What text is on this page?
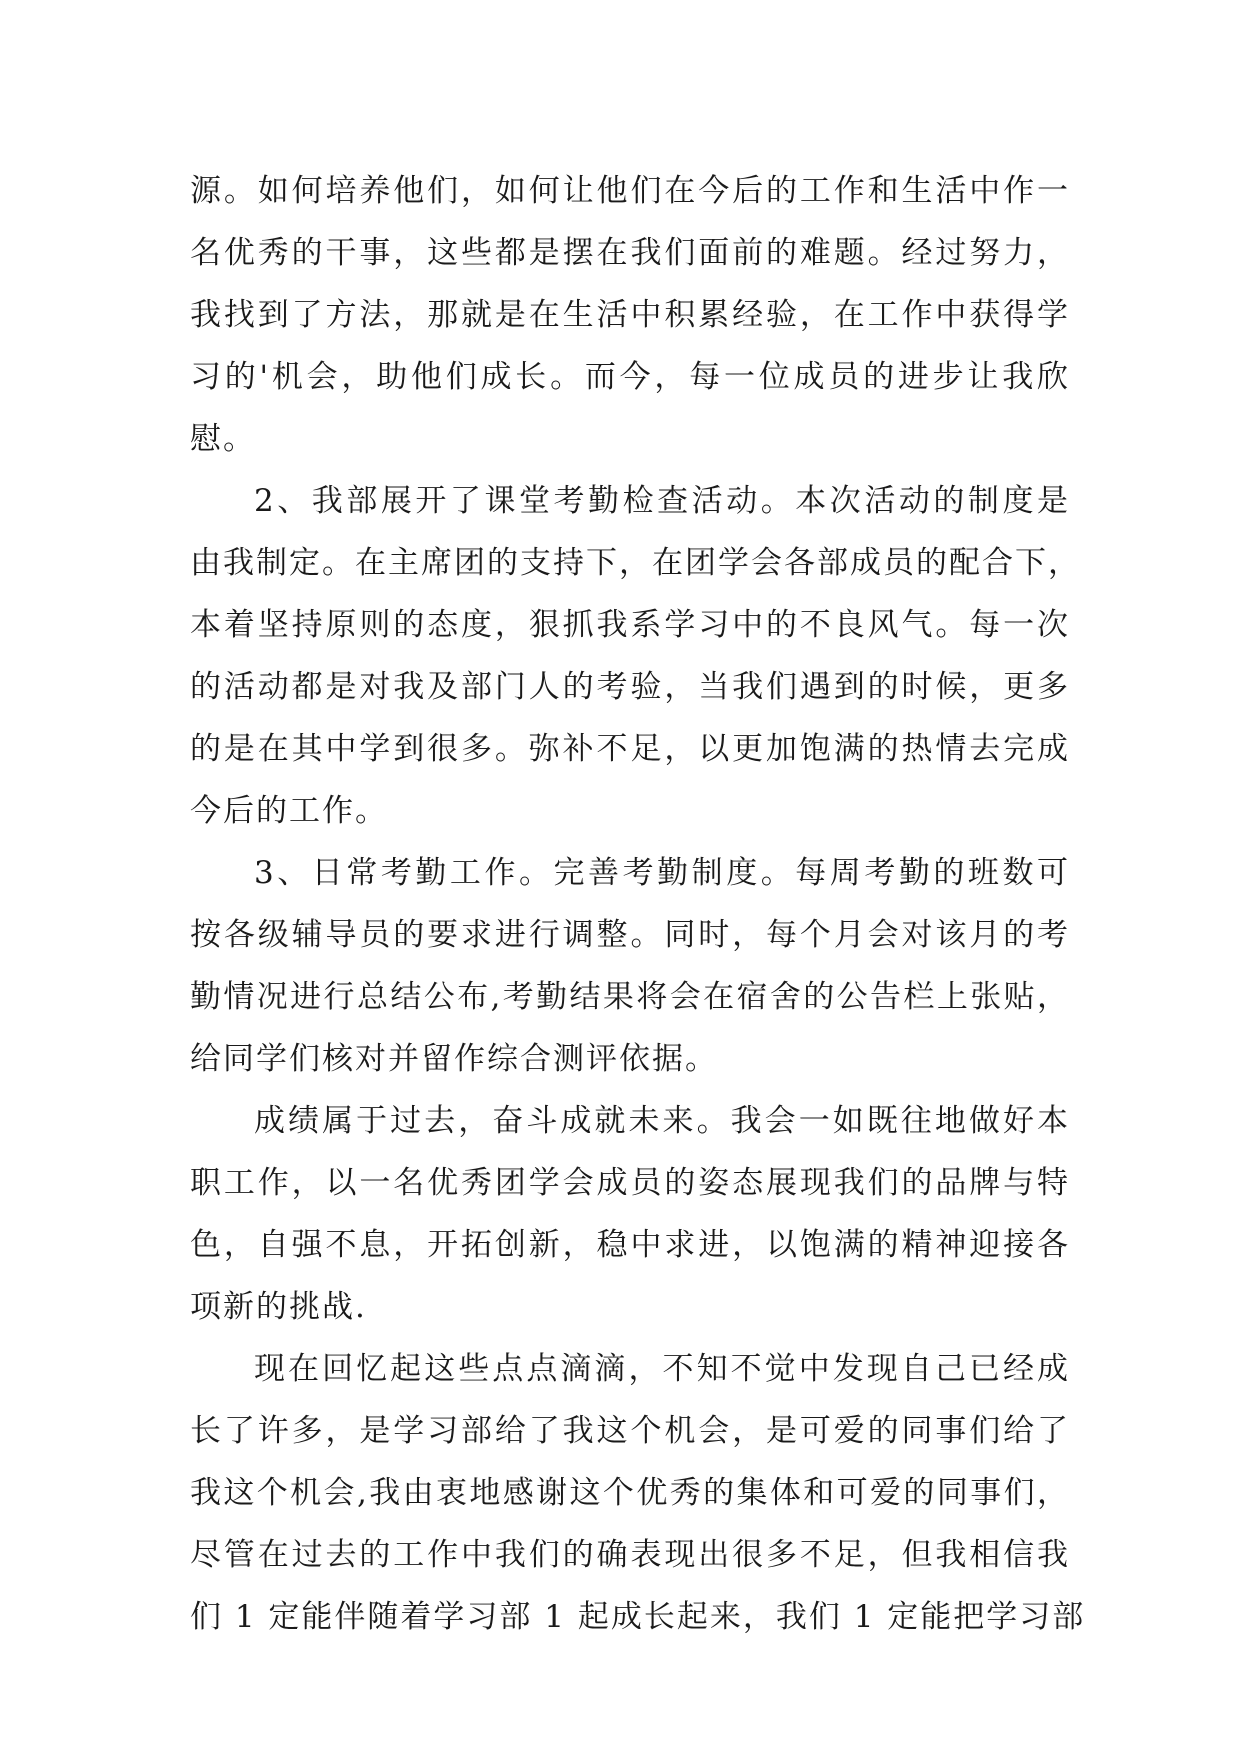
源。如何培养他们，如何让他们在今后的工作和生活中作一
名优秀的干事，这些都是摆在我们面前的难题。经过努力，
我找到了方法，那就是在生活中积累经验，在工作中获得学
习的'机会，助他们成长。而今，每一位成员的进步让我欣
慰。
2、我部展开了课堂考勤检查活动。本次活动的制度是
由我制定。在主席团的支持下，在团学会各部成员的配合下，
本着坚持原则的态度，狠抓我系学习中的不良风气。每一次
的活动都是对我及部门人的考验，当我们遇到的时候，更多
的是在其中学到很多。弥补不足，以更加饱满的热情去完成
今后的工作。
3、日常考勤工作。完善考勤制度。每周考勤的班数可
按各级辅导员的要求进行调整。同时，每个月会对该月的考
勤情况进行总结公布,考勤结果将会在宿舍的公告栏上张贴，
给同学们核对并留作综合测评依据。
成绩属于过去，奋斗成就未来。我会一如既往地做好本
职工作，以一名优秀团学会成员的姿态展现我们的品牌与特
色，自强不息，开拓创新，稳中求进，以饱满的精神迎接各
项新的挑战.
现在回忆起这些点点滴滴，不知不觉中发现自己已经成
长了许多，是学习部给了我这个机会，是可爱的同事们给了
我这个机会,我由衷地感谢这个优秀的集体和可爱的同事们，
尽管在过去的工作中我们的确表现出很多不足，但我相信我
们 1 定能伴随着学习部 1 起成长起来，我们 1 定能把学习部
